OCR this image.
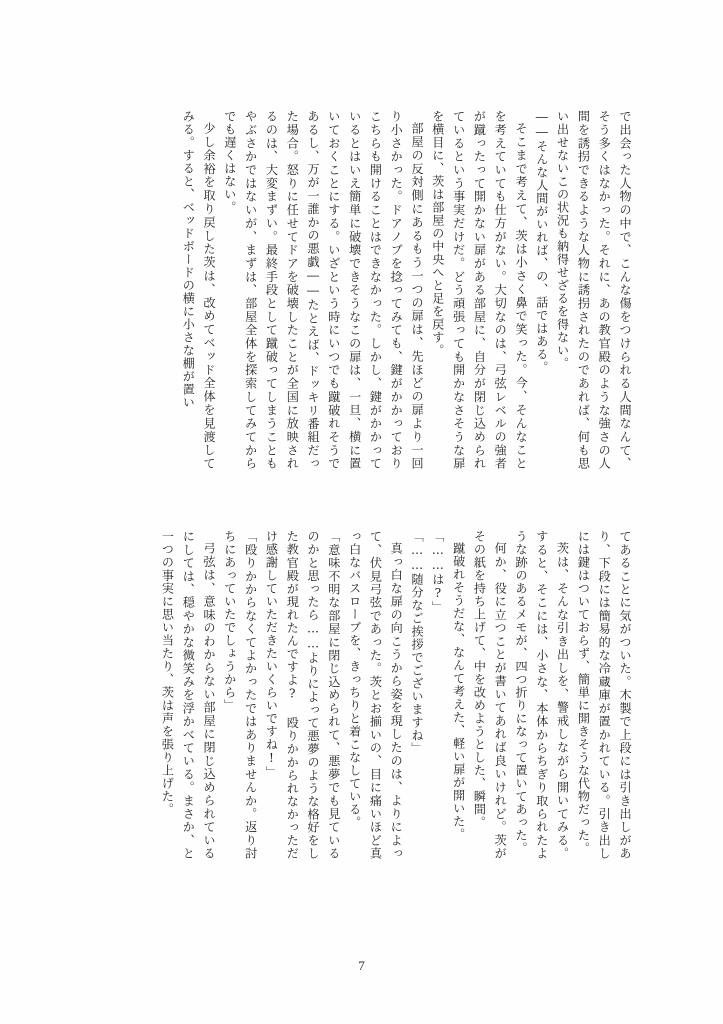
で出会った人物の中で、こんな傷をつけられる人間なんて、そう多くはなかった。それに、あの教官殿のような強さの人間を誘拐できるような人物に誘拐されたのであれば、何も思い出せないこの状況も納得せざるを得ない。

――そんな人間がいれば、の、話ではある。

そこまで考えて、茨は小さく鼻で笑った。今、そんなことを考えていても仕方がない。大切なのは、弓弦レベルの強者が蹴ったって開かない扉がある部屋に、自分が閉じ込められているという事実だけだ。どう頑張っても開かなさそうな扉を横目に、茨は部屋の中央へと足を戻す。

部屋の反対側にあるもう一つの扉は、先ほどの扉より一回り小さかった。ドアノブを捻ってみても、鍵がかかっておりこちらも開けることはできなかった。しかし、鍵がかかっているとはいえ簡単に破壊できそうなこの扉は、一旦、横に置いておくことにする。いざという時にいつでも蹴破れそうであるし、万が一誰かの悪戯――たとえば、ドッキリ番組だった場合。怒りに任せてドアを破壊したことが全国に放映されるのは、大変まずい。最終手段として蹴破ってしまうこともやぶさかではないが、まずは、部屋全体を探索してみてからでも遅くはない。

少し余裕を取り戻した茨は、改めてベッド全体を見渡してみる。すると、ベッドボードの横に小さな棚が置い

てあることに気がついた。木製で上段には引き出しがあり、下段には簡易的な冷蔵庫が置かれている。引き出しには鍵はついておらず、簡単に開きそうな代物だった。

茨は、そんな引き出しを、警戒しながら開いてみる。すると、そこには、小さな、本体からちぎり取られたような跡のあるメモが、四つ折りになって置いてあった。

何か、役に立つことが書いてあれば良いけれど。茨がその紙を持ち上げて、中を改めようとした、瞬間。

蹴破れそうだな、なんて考えた、軽い扉が開いた。

「……は?」

「……随分なご挨拶でございますね」

真っ白な扉の向こうから姿を現したのは、よりによって、伏見弓弦であった。茨とお揃いの、目に痛いほど真っ白なバスローブを、きっちりと着こなしている。

「意味不明な部屋に閉じ込められて、悪夢でも見ているのかと思ったら……よりによって悪夢のような格好をした教官殿が現れたんですよ? 殴りかかられなかっただけ感謝していただきたいくらいですね!」

「殴りかからなくてよかったではありませんか。返り討ちにあっていたでしょうから」

弓弦は、意味のわからない部屋に閉じ込められているにしては、穏やかな微笑みを浮かべている。まさか、と一つの事実に思い当たり、茨は声を張り上げた。

7
